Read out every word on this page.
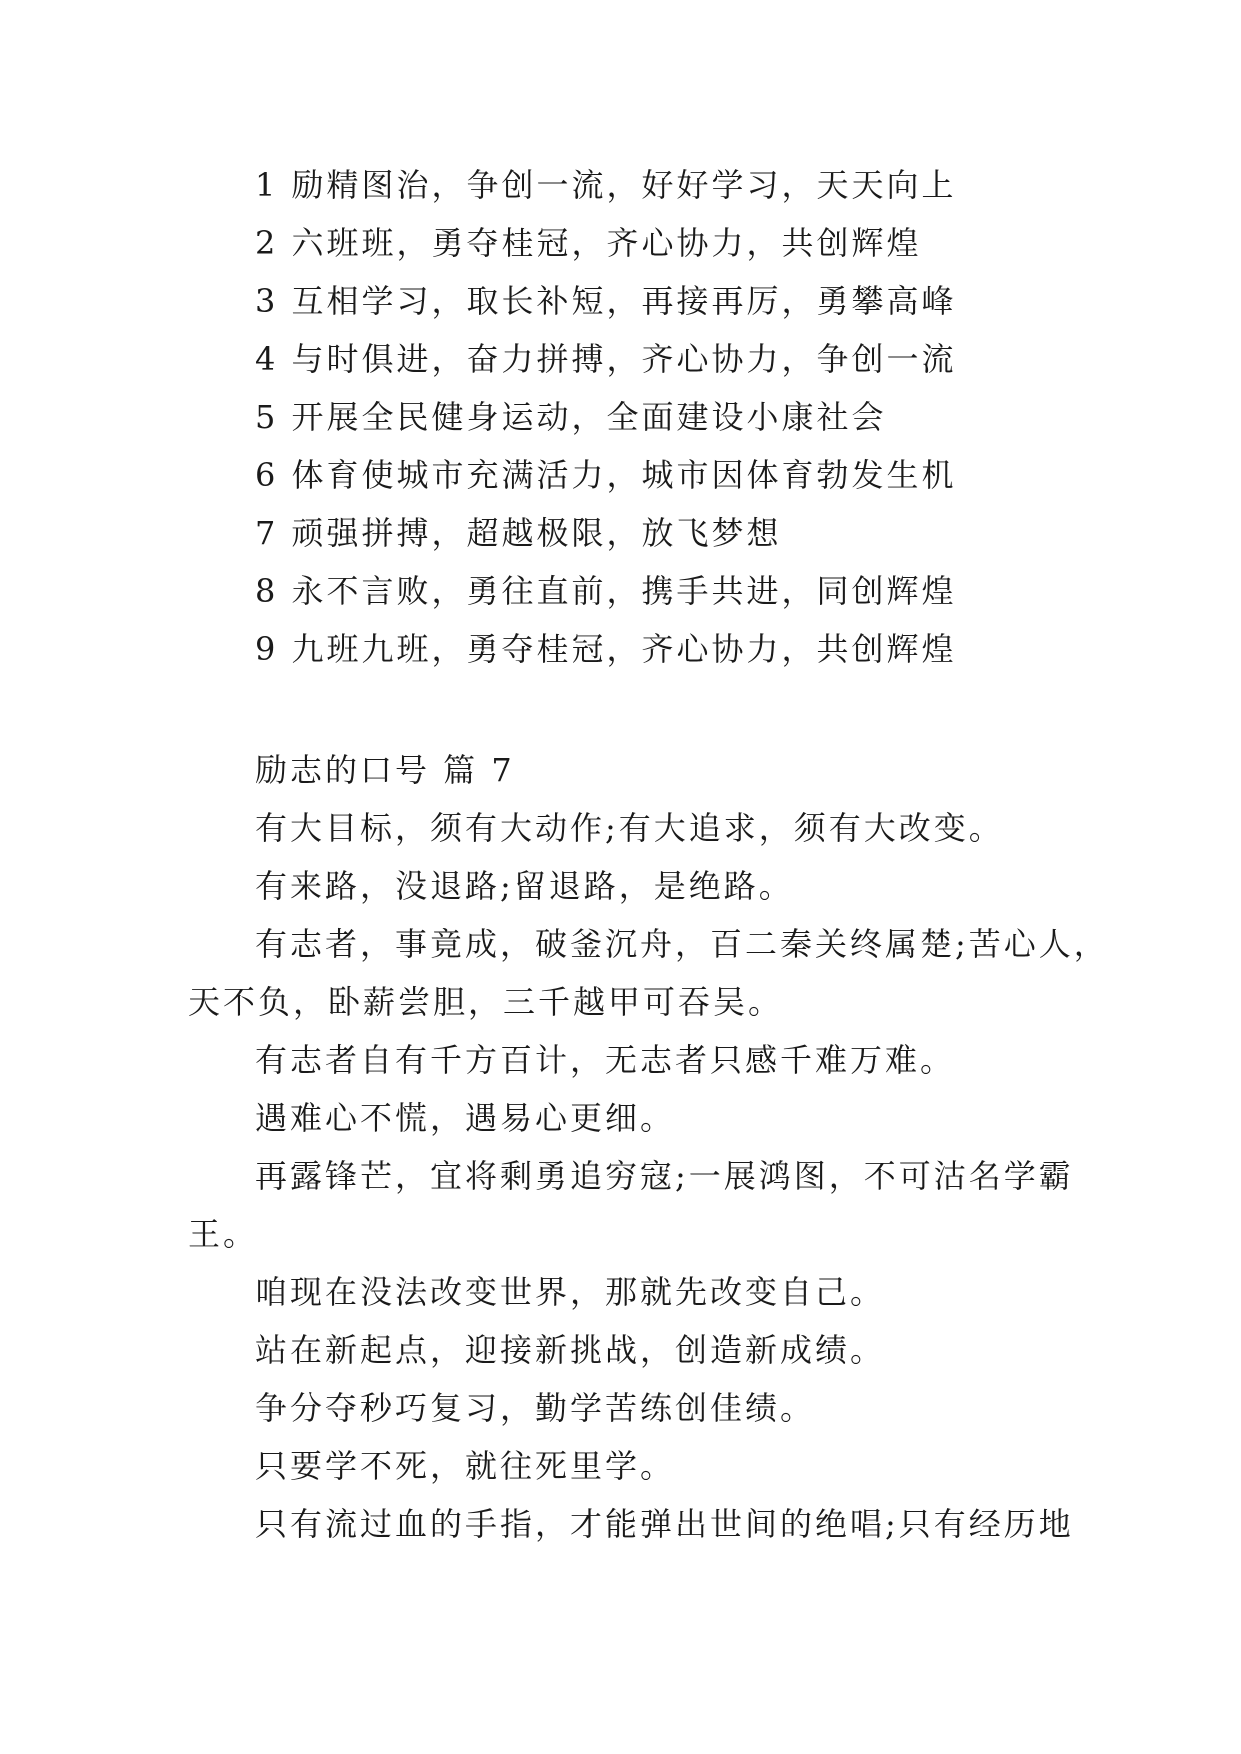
1 励精图治，争创一流，好好学习，天天向上
2 六班班，勇夺桂冠，齐心协力，共创辉煌
3 互相学习，取长补短，再接再厉，勇攀高峰
4 与时俱进，奋力拼搏，齐心协力，争创一流
5 开展全民健身运动，全面建设小康社会
6 体育使城市充满活力，城市因体育勃发生机
7 顽强拼搏，超越极限，放飞梦想
8 永不言败，勇往直前，携手共进，同创辉煌
9 九班九班，勇夺桂冠，齐心协力，共创辉煌
励志的口号 篇 7
有大目标，须有大动作;有大追求，须有大改变。
有来路，没退路;留退路，是绝路。
有志者，事竟成，破釜沉舟，百二秦关终属楚;苦心人，
天不负，卧薪尝胆，三千越甲可吞吴。
有志者自有千方百计，无志者只感千难万难。
遇难心不慌，遇易心更细。
再露锋芒，宜将剩勇追穷寇;一展鸿图，不可沽名学霸
王。
咱现在没法改变世界，那就先改变自己。
站在新起点，迎接新挑战，创造新成绩。
争分夺秒巧复习，勤学苦练创佳绩。
只要学不死，就往死里学。
只有流过血的手指，才能弹出世间的绝唱;只有经历地
